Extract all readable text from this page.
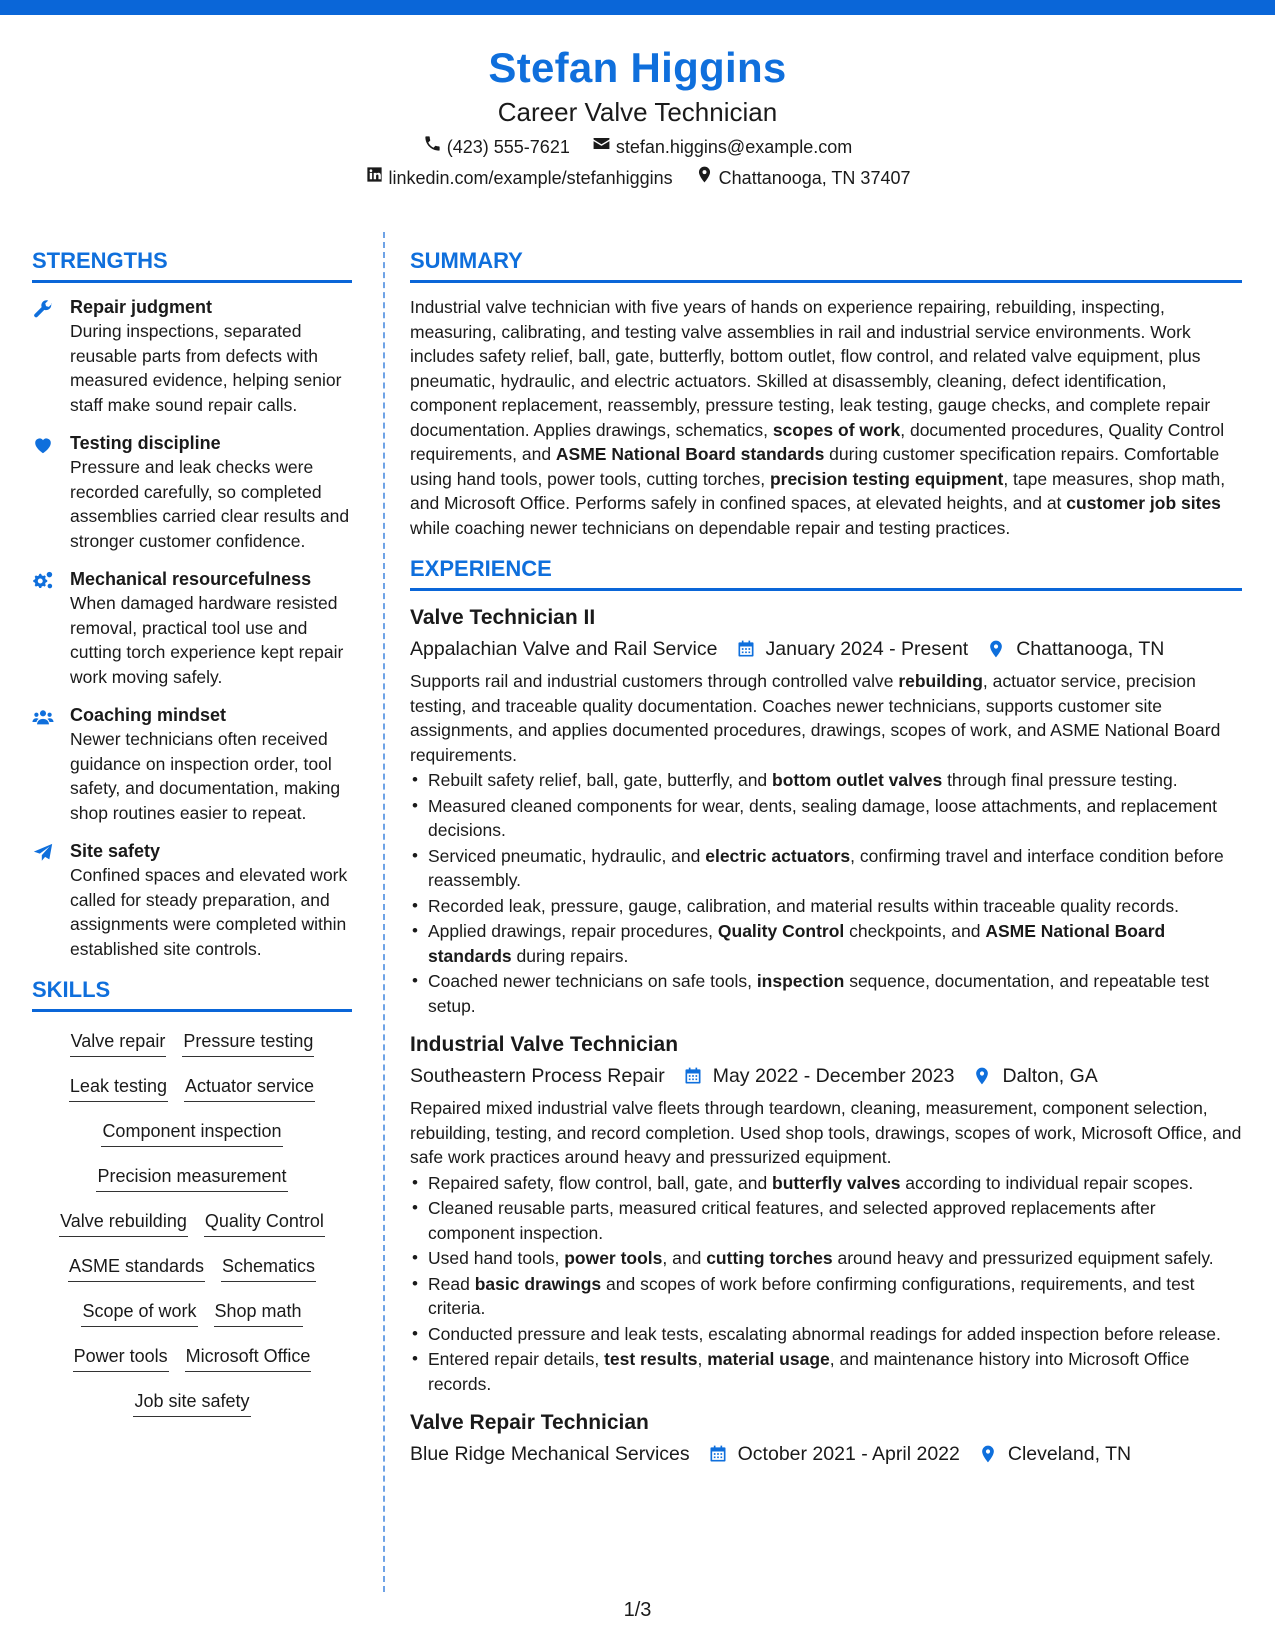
Stefan Higgins
Career Valve Technician
(423) 555-7621	stefan.higgins@example.com
linkedin.com/example/stefanhiggins	Chattanooga, TN 37407
STRENGTHS
Repair judgment
During inspections, separated reusable parts from defects with measured evidence, helping senior staff make sound repair calls.
Testing discipline
Pressure and leak checks were recorded carefully, so completed assemblies carried clear results and stronger customer confidence.
Mechanical resourcefulness
When damaged hardware resisted removal, practical tool use and cutting torch experience kept repair work moving safely.
Coaching mindset
Newer technicians often received guidance on inspection order, tool safety, and documentation, making shop routines easier to repeat.
Site safety
Confined spaces and elevated work called for steady preparation, and assignments were completed within established site controls.
SKILLS
Valve repair Pressure testing
Leak testing Actuator service
Component inspection
Precision measurement
Valve rebuilding Quality Control
ASME standards Schematics
Scope of work Shop math
Power tools Microsoft Office
Job site safety
SUMMARY
Industrial valve technician with five years of hands on experience repairing, rebuilding, inspecting, measuring, calibrating, and testing valve assemblies in rail and industrial service environments. Work includes safety relief, ball, gate, butterfly, bottom outlet, flow control, and related valve equipment, plus pneumatic, hydraulic, and electric actuators. Skilled at disassembly, cleaning, defect identification, component replacement, reassembly, pressure testing, leak testing, gauge checks, and complete repair documentation. Applies drawings, schematics, scopes of work, documented procedures, Quality Control requirements, and ASME National Board standards during customer specification repairs. Comfortable using hand tools, power tools, cutting torches, precision testing equipment, tape measures, shop math, and Microsoft Office. Performs safely in confined spaces, at elevated heights, and at customer job sites while coaching newer technicians on dependable repair and testing practices.
EXPERIENCE
Valve Technician II
Appalachian Valve and Rail Service January 2024 - Present Chattanooga, TN
Supports rail and industrial customers through controlled valve rebuilding, actuator service, precision testing, and traceable quality documentation. Coaches newer technicians, supports customer site assignments, and applies documented procedures, drawings, scopes of work, and ASME National Board requirements.
• Rebuilt safety relief, ball, gate, butterfly, and bottom outlet valves through final pressure testing.
• Measured cleaned components for wear, dents, sealing damage, loose attachments, and replacement decisions.
• Serviced pneumatic, hydraulic, and electric actuators, confirming travel and interface condition before reassembly.
• Recorded leak, pressure, gauge, calibration, and material results within traceable quality records.
• Applied drawings, repair procedures, Quality Control checkpoints, and ASME National Board standards during repairs.
• Coached newer technicians on safe tools, inspection sequence, documentation, and repeatable test setup.
Industrial Valve Technician
Southeastern Process Repair May 2022 - December 2023 Dalton, GA
Repaired mixed industrial valve fleets through teardown, cleaning, measurement, component selection, rebuilding, testing, and record completion. Used shop tools, drawings, scopes of work, Microsoft Office, and safe work practices around heavy and pressurized equipment.
• Repaired safety, flow control, ball, gate, and butterfly valves according to individual repair scopes.
• Cleaned reusable parts, measured critical features, and selected approved replacements after component inspection.
• Used hand tools, power tools, and cutting torches around heavy and pressurized equipment safely.
• Read basic drawings and scopes of work before confirming configurations, requirements, and test criteria.
• Conducted pressure and leak tests, escalating abnormal readings for added inspection before release.
• Entered repair details, test results, material usage, and maintenance history into Microsoft Office records.
Valve Repair Technician
Blue Ridge Mechanical Services October 2021 - April 2022 Cleveland, TN
1/3
